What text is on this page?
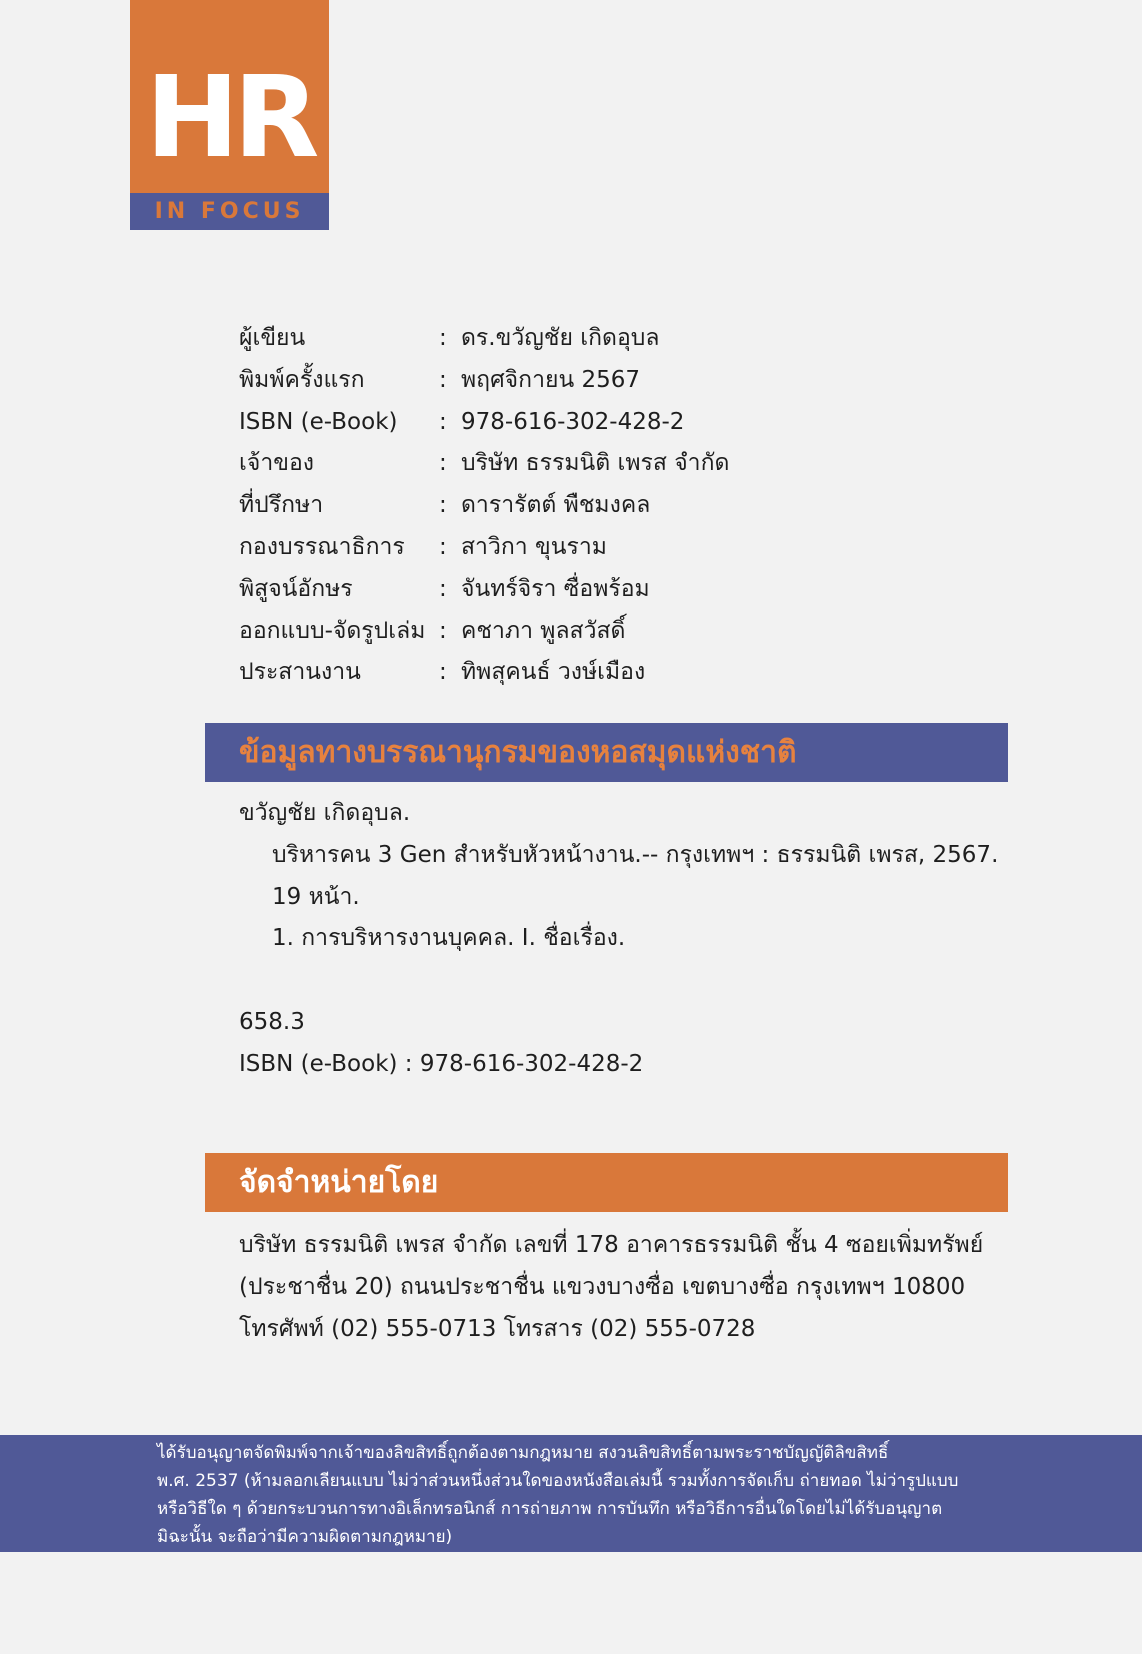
HR
IN FOCUS
ผู้เขียน	: ดร.ขวัญชัย เกิดอุบล
พิมพ์ครั้งแรก	: พฤศจิกายน 2567
ISBN (e-Book)	: 978-616-302-428-2
เจ้าของ	: บริษัท ธรรมนิติ เพรส จำกัด
ที่ปรึกษา	: ดารารัตต์ พืชมงคล
กองบรรณาธิการ	: สาวิกา ขุนราม
พิสูจน์อักษร	: จันทร์จิรา ซื่อพร้อม
ออกแบบ-จัดรูปเล่ม : คชาภา พูลสวัสดิ์
ประสานงาน	: ทิพสุคนธ์ วงษ์เมือง
ข้อมูลทางบรรณานุกรมของหอสมุดแห่งชาติ
ขวัญชัย เกิดอุบล.
บริหารคน 3 Gen สำหรับหัวหน้างาน.-- กรุงเทพฯ : ธรรมนิติ เพรส, 2567.
19 หน้า.
1. การบริหารงานบุคคล. I. ชื่อเรื่อง.
658.3
ISBN (e-Book) : 978-616-302-428-2
จัดจำหน่ายโดย
บริษัท ธรรมนิติ เพรส จำกัด เลขที่ 178 อาคารธรรมนิติ ชั้น 4 ซอยเพิ่มทรัพย์
(ประชาชื่น 20) ถนนประชาชื่น แขวงบางซื่อ เขตบางซื่อ กรุงเทพฯ 10800
โทรศัพท์ (02) 555-0713 โทรสาร (02) 555-0728
ได้รับอนุญาตจัดพิมพ์จากเจ้าของลิขสิทธิ์ถูกต้องตามกฎหมาย สงวนลิขสิทธิ์ตามพระราชบัญญัติลิขสิทธิ์
พ.ศ. 2537 (ห้ามลอกเลียนแบบ ไม่ว่าส่วนหนึ่งส่วนใดของหนังสือเล่มนี้ รวมทั้งการจัดเก็บ ถ่ายทอด ไม่ว่ารูปแบบ
หรือวิธีใด ๆ ด้วยกระบวนการทางอิเล็กทรอนิกส์ การถ่ายภาพ การบันทึก หรือวิธีการอื่นใดโดยไม่ได้รับอนุญาต
มิฉะนั้น จะถือว่ามีความผิดตามกฎหมาย)
